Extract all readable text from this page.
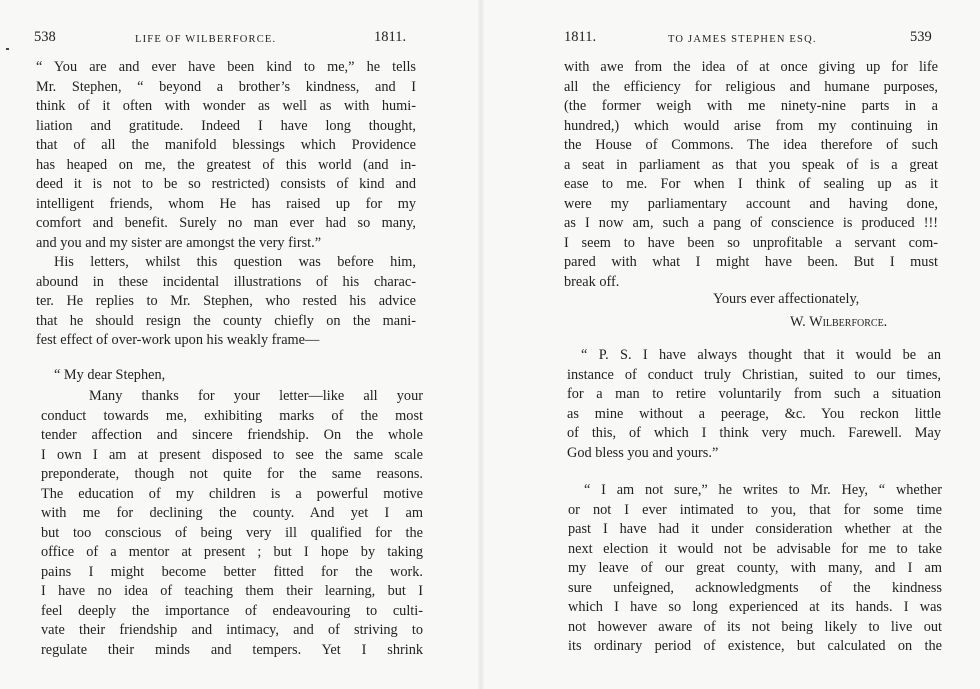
538	LIFE OF WILBERFORCE.	1811.
“ You are and ever have been kind to me,” he tells
Mr. Stephen, “ beyond a brother’s kindness, and I
think of it often with wonder as well as with humi-
liation and gratitude. Indeed I have long thought,
that of all the manifold blessings which Providence
has heaped on me, the greatest of this world (and in-
deed it is not to be so restricted) consists of kind and
intelligent friends, whom He has raised up for my
comfort and benefit. Surely no man ever had so many,
and you and my sister are amongst the very first.”
His letters, whilst this question was before him,
abound in these incidental illustrations of his charac-
ter. He replies to Mr. Stephen, who rested his advice
that he should resign the county chiefly on the mani-
fest effect of over-work upon his weakly frame—
“ My dear Stephen,
Many thanks for your letter—like all your
conduct towards me, exhibiting marks of the most
tender affection and sincere friendship. On the whole
I own I am at present disposed to see the same scale
preponderate, though not quite for the same reasons.
The education of my children is a powerful motive
with me for declining the county. And yet I am
but too conscious of being very ill qualified for the
office of a mentor at present ; but I hope by taking
pains I might become better fitted for the work.
I have no idea of teaching them their learning, but I
feel deeply the importance of endeavouring to culti-
vate their friendship and intimacy, and of striving to
regulate their minds and tempers. Yet I shrink
1811.	TO JAMES STEPHEN ESQ.	539
with awe from the idea of at once giving up for life
all the efficiency for religious and humane purposes,
(the former weigh with me ninety-nine parts in a
hundred,) which would arise from my continuing in
the House of Commons. The idea therefore of such
a seat in parliament as that you speak of is a great
ease to me. For when I think of sealing up as it
were my parliamentary account and having done,
as I now am, such a pang of conscience is produced !!!
I seem to have been so unprofitable a servant com-
pared with what I might have been. But I must
break off.
Yours ever affectionately,
W. Wilberforce.
“ P. S. I have always thought that it would be an
instance of conduct truly Christian, suited to our times,
for a man to retire voluntarily from such a situation
as mine without a peerage, &c. You reckon little
of this, of which I think very much. Farewell. May
God bless you and yours.”
“ I am not sure,” he writes to Mr. Hey, “ whether
or not I ever intimated to you, that for some time
past I have had it under consideration whether at the
next election it would not be advisable for me to take
my leave of our great county, with many, and I am
sure unfeigned, acknowledgments of the kindness
which I have so long experienced at its hands. I was
not however aware of its not being likely to live out
its ordinary period of existence, but calculated on the
